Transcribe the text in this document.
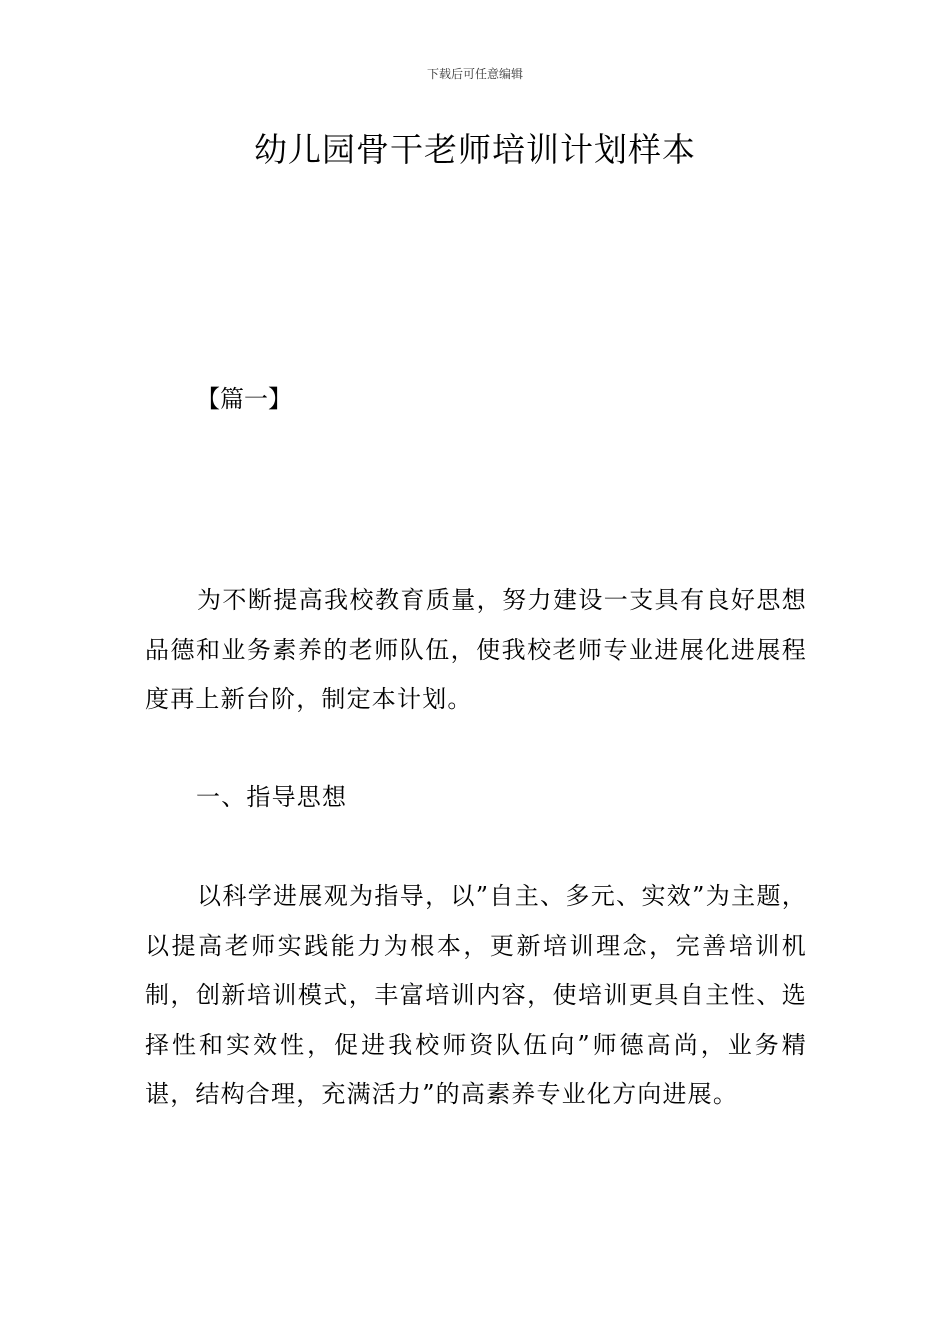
下载后可任意编辑
幼儿园骨干老师培训计划样本
【篇一】

为不断提高我校教育质量，努力建设一支具有良好思想品德和业务素养的老师队伍，使我校老师专业进展化进展程度再上新台阶，制定本计划。

一、指导思想

以科学进展观为指导，以”自主、多元、实效”为主题，以提高老师实践能力为根本，更新培训理念，完善培训机制，创新培训模式，丰富培训内容，使培训更具自主性、选择性和实效性，促进我校师资队伍向”师德高尚，业务精谌，结构合理，充满活力”的高素养专业化方向进展。
